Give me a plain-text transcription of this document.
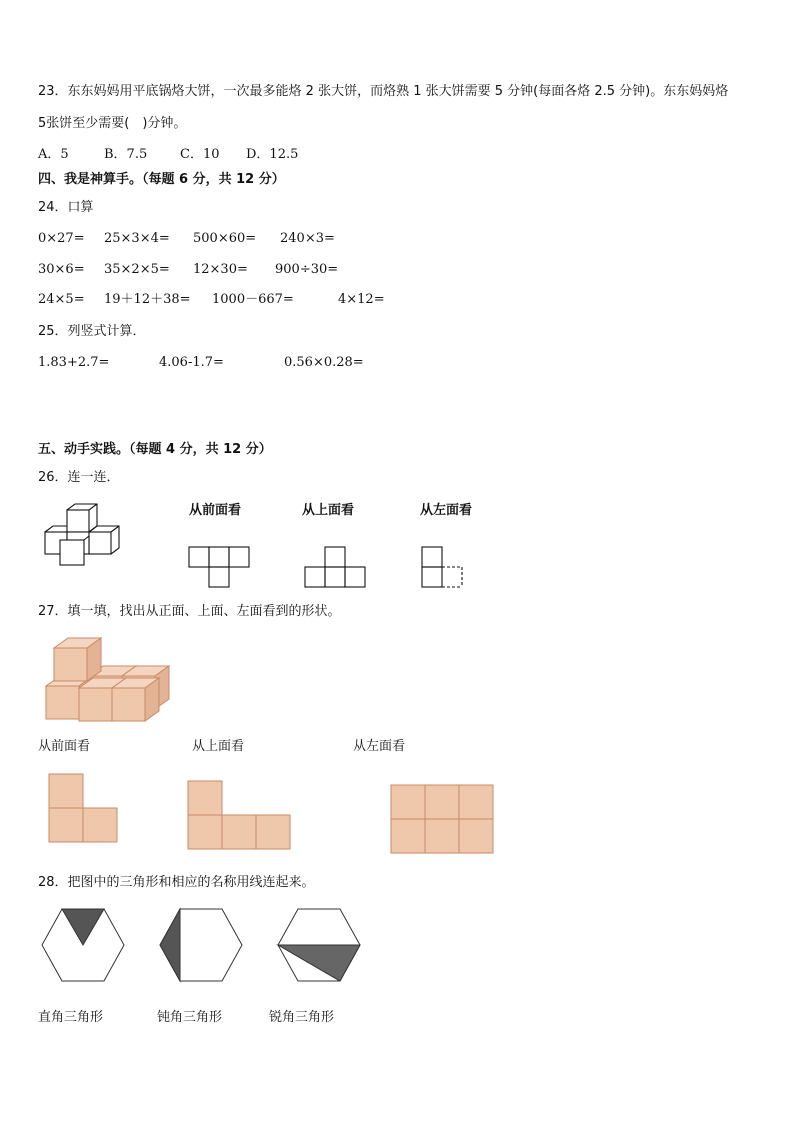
23．东东妈妈用平底锅烙大饼，一次最多能烙 2 张大饼，而烙熟 1 张大饼需要 5 分钟(每面各烙 2.5 分钟)。东东妈妈烙
5张饼至少需要(　)分钟。
A．5	B．7.5	C．10 D．12.5
四、我是神算手。（每题 6 分，共 12 分）
24．口算
0×27= 25×3×4= 500×60= 240×3=
30×6= 35×2×5= 12×30= 900÷30=
24×5= 19＋12＋38= 1000－667=	4×12=
25．列竖式计算．
1.83+2.7=	4.06-1.7=	0.56×0.28=
五、动手实践。（每题 4 分，共 12 分）
26．连一连．
从前面看	从上面看	从左面看
27．填一填，找出从正面、上面、左面看到的形状。
从前面看	从上面看	从左面看
28．把图中的三角形和相应的名称用线连起来。
直角三角形	钝角三角形	锐角三角形
